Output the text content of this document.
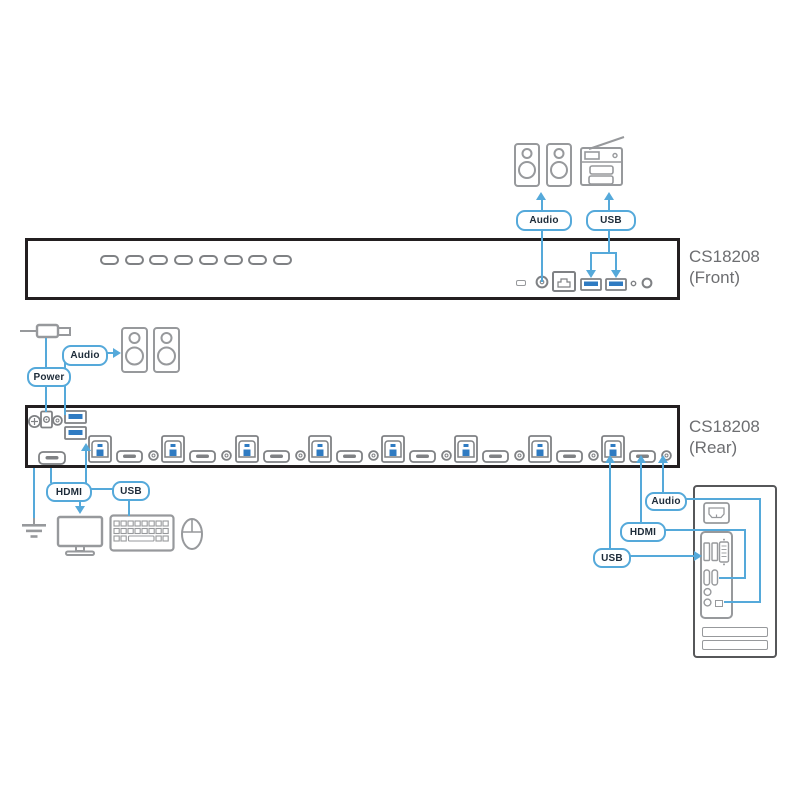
Audio	USB
CS18208
(Front)
Power
Audio
CS18208
(Rear)
HDMI	USB
USB
HDMI
Audio
